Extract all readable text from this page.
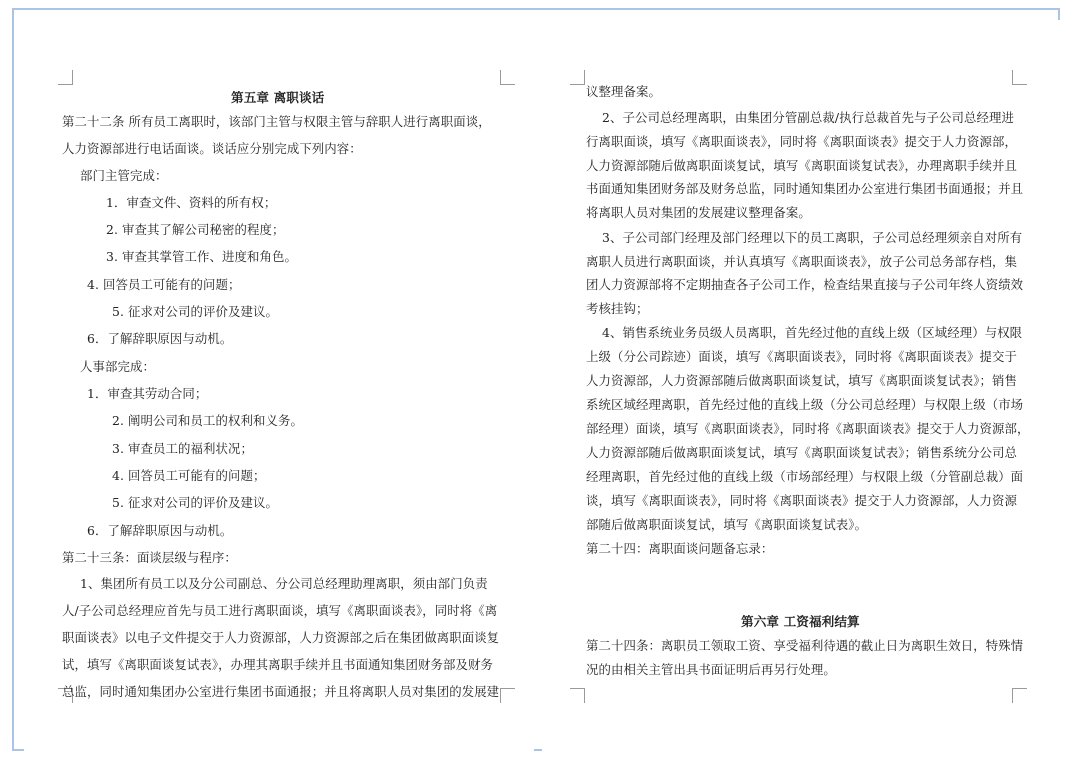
第五章 离职谈话
第二十二条 所有员工离职时，该部门主管与权限主管与辞职人进行离职面谈，
人力资源部进行电话面谈。谈话应分别完成下列内容：
部门主管完成：
1．审查文件、资料的所有权；
2. 审查其了解公司秘密的程度；
3. 审查其掌管工作、进度和角色。
4. 回答员工可能有的问题；
5. 征求对公司的评价及建议。
6．了解辞职原因与动机。
人事部完成：
1．审查其劳动合同；
2. 阐明公司和员工的权利和义务。
3. 审查员工的福利状况；
4. 回答员工可能有的问题；
5. 征求对公司的评价及建议。
6．了解辞职原因与动机。
第二十三条：面谈层级与程序：
1、集团所有员工以及分公司副总、分公司总经理助理离职，须由部门负责
人/子公司总经理应首先与员工进行离职面谈，填写《离职面谈表》，同时将《离
职面谈表》以电子文件提交于人力资源部，人力资源部之后在集团做离职面谈复
试，填写《离职面谈复试表》，办理其离职手续并且书面通知集团财务部及财务
总监，同时通知集团办公室进行集团书面通报；并且将离职人员对集团的发展建
议整理备案。
2、子公司总经理离职，由集团分管副总裁/执行总裁首先与子公司总经理进
行离职面谈，填写《离职面谈表》，同时将《离职面谈表》提交于人力资源部，
人力资源部随后做离职面谈复试，填写《离职面谈复试表》，办理离职手续并且
书面通知集团财务部及财务总监，同时通知集团办公室进行集团书面通报；并且
将离职人员对集团的发展建议整理备案。
3、子公司部门经理及部门经理以下的员工离职，子公司总经理须亲自对所有
离职人员进行离职面谈，并认真填写《离职面谈表》，放子公司总务部存档，集
团人力资源部将不定期抽查各子公司工作，检查结果直接与子公司年终人资绩效
考核挂钩；
4、销售系统业务员级人员离职，首先经过他的直线上级（区域经理）与权限
上级（分公司踪迹）面谈，填写《离职面谈表》，同时将《离职面谈表》提交于
人力资源部，人力资源部随后做离职面谈复试，填写《离职面谈复试表》；销售
系统区域经理离职，首先经过他的直线上级（分公司总经理）与权限上级（市场
部经理）面谈，填写《离职面谈表》，同时将《离职面谈表》提交于人力资源部，
人力资源部随后做离职面谈复试，填写《离职面谈复试表》；销售系统分公司总
经理离职，首先经过他的直线上级（市场部经理）与权限上级（分管副总裁）面
谈，填写《离职面谈表》，同时将《离职面谈表》提交于人力资源部，人力资源
部随后做离职面谈复试，填写《离职面谈复试表》。
第二十四：离职面谈问题备忘录：
第六章 工资福利结算
第二十四条：离职员工领取工资、享受福利待遇的截止日为离职生效日，特殊情
况的由相关主管出具书面证明后再另行处理。
